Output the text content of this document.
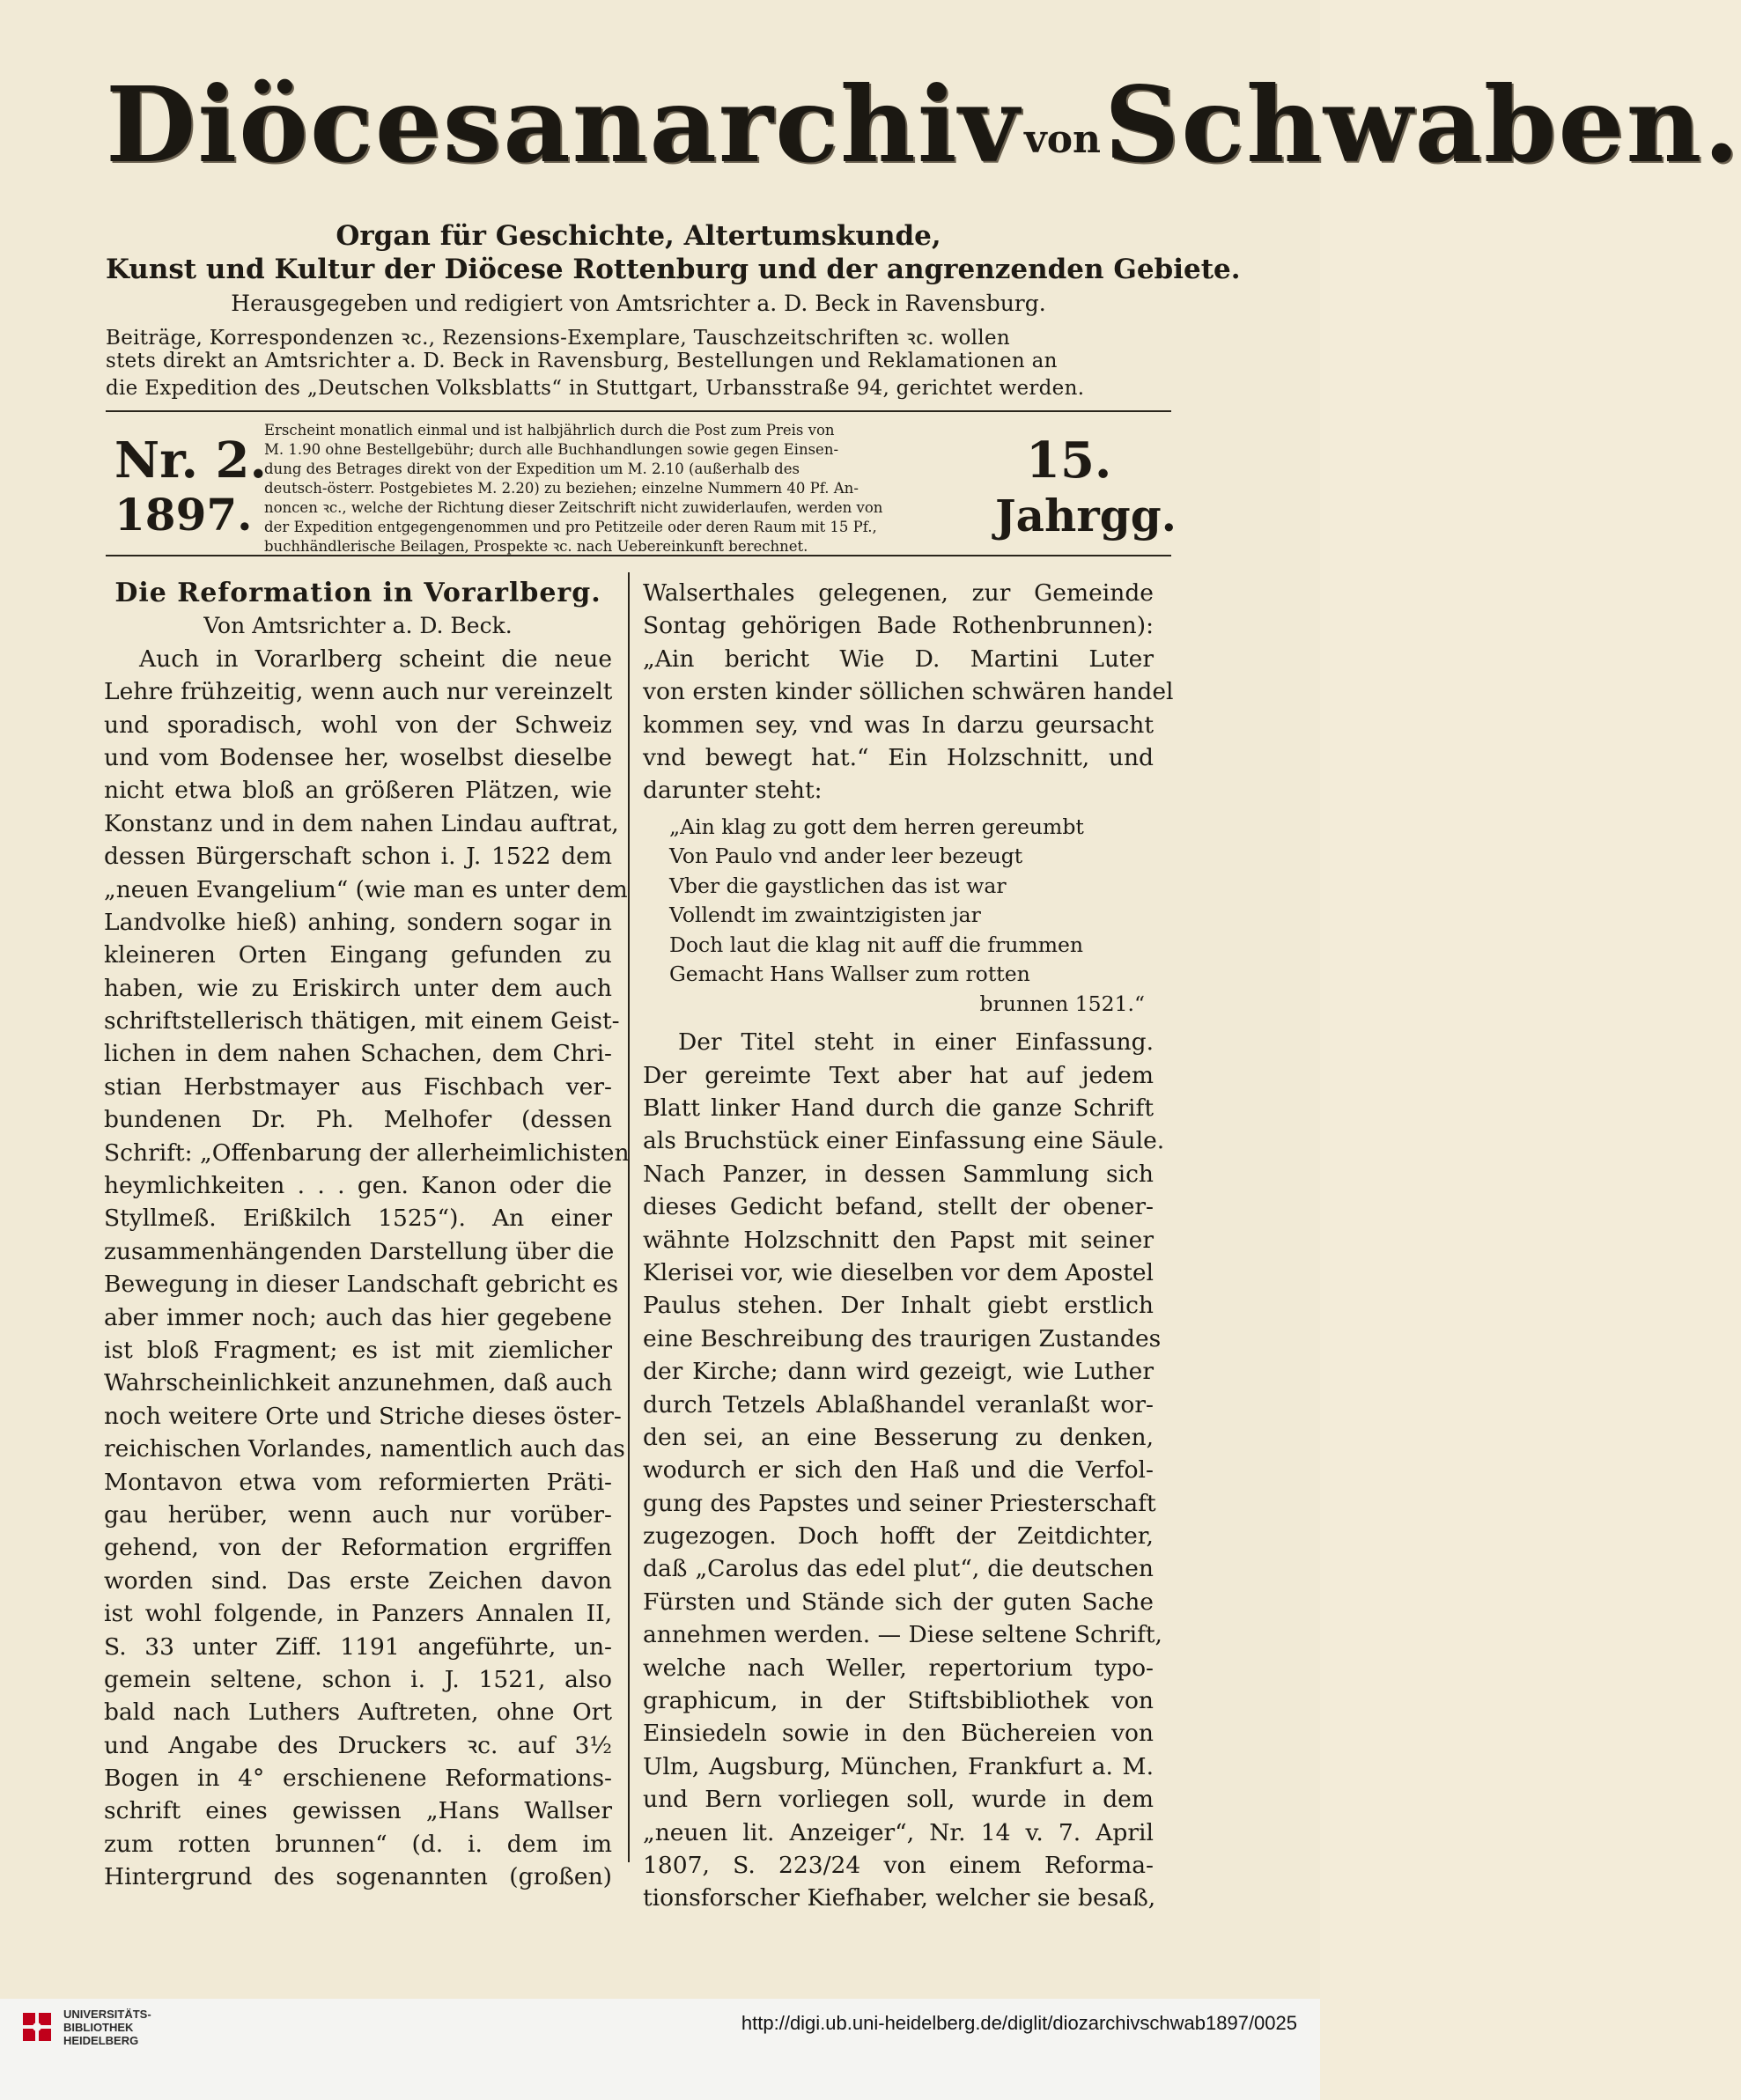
DiöcesanarchivvonSchwaben.
Organ für Geschichte, Altertumskunde,
Kunst und Kultur der Diöcese Rottenburg und der angrenzenden Gebiete.
Herausgegeben und redigiert von Amtsrichter a. D. Beck in Ravensburg.
Beiträge, Korrespondenzen ꝛc., Rezensions-Exemplare, Tauschzeitschriften ꝛc. wollen
stets direkt an Amtsrichter a. D. Beck in Ravensburg, Bestellungen und Reklamationen an
die Expedition des „Deutschen Volksblatts“ in Stuttgart, Urbansstraße 94, gerichtet werden.
Nr. 2.
1897.
15.
Jahrgg.
Erscheint monatlich einmal und ist halbjährlich durch die Post zum Preis von
M. 1.90 ohne Bestellgebühr; durch alle Buchhandlungen sowie gegen Einsen-
dung des Betrages direkt von der Expedition um M. 2.10 (außerhalb des
deutsch-österr. Postgebietes M. 2.20) zu beziehen; einzelne Nummern 40 Pf. An-
noncen ꝛc., welche der Richtung dieser Zeitschrift nicht zuwiderlaufen, werden von
der Expedition entgegengenommen und pro Petitzeile oder deren Raum mit 15 Pf.,
buchhändlerische Beilagen, Prospekte ꝛc. nach Uebereinkunft berechnet.
Die Reformation in Vorarlberg.
Von Amtsrichter a. D. Beck.
Auch in Vorarlberg scheint die neue
Lehre frühzeitig, wenn auch nur vereinzelt
und sporadisch, wohl von der Schweiz
und vom Bodensee her, woselbst dieselbe
nicht etwa bloß an größeren Plätzen, wie
Konstanz und in dem nahen Lindau auftrat,
dessen Bürgerschaft schon i. J. 1522 dem
„neuen Evangelium“ (wie man es unter dem
Landvolke hieß) anhing, sondern sogar in
kleineren Orten Eingang gefunden zu
haben, wie zu Eriskirch unter dem auch
schriftstellerisch thätigen, mit einem Geist-
lichen in dem nahen Schachen, dem Chri-
stian Herbstmayer aus Fischbach ver-
bundenen Dr. Ph. Melhofer (dessen
Schrift: „Offenbarung der allerheimlichisten
heymlichkeiten . . . gen. Kanon oder die
Styllmeß. Erißkilch 1525“). An einer
zusammenhängenden Darstellung über die
Bewegung in dieser Landschaft gebricht es
aber immer noch; auch das hier gegebene
ist bloß Fragment; es ist mit ziemlicher
Wahrscheinlichkeit anzunehmen, daß auch
noch weitere Orte und Striche dieses öster-
reichischen Vorlandes, namentlich auch das
Montavon etwa vom reformierten Präti-
gau herüber, wenn auch nur vorüber-
gehend, von der Reformation ergriffen
worden sind. Das erste Zeichen davon
ist wohl folgende, in Panzers Annalen II,
S. 33 unter Ziff. 1191 angeführte, un-
gemein seltene, schon i. J. 1521, also
bald nach Luthers Auftreten, ohne Ort
und Angabe des Druckers ꝛc. auf 3½
Bogen in 4° erschienene Reformations-
schrift eines gewissen „Hans Wallser
zum rotten brunnen“ (d. i. dem im
Hintergrund des sogenannten (großen)
Walserthales gelegenen, zur Gemeinde
Sontag gehörigen Bade Rothenbrunnen):
„Ain bericht Wie D. Martini Luter
von ersten kinder söllichen schwären handel
kommen sey, vnd was In darzu geursacht
vnd bewegt hat.“ Ein Holzschnitt, und
darunter steht:
„Ain klag zu gott dem herren gereumbt
Von Paulo vnd ander leer bezeugt
Vber die gaystlichen das ist war
Vollendt im zwaintzigisten jar
Doch laut die klag nit auff die frummen
Gemacht Hans Wallser zum rotten
brunnen 1521.“
Der Titel steht in einer Einfassung.
Der gereimte Text aber hat auf jedem
Blatt linker Hand durch die ganze Schrift
als Bruchstück einer Einfassung eine Säule.
Nach Panzer, in dessen Sammlung sich
dieses Gedicht befand, stellt der obener-
wähnte Holzschnitt den Papst mit seiner
Klerisei vor, wie dieselben vor dem Apostel
Paulus stehen. Der Inhalt giebt erstlich
eine Beschreibung des traurigen Zustandes
der Kirche; dann wird gezeigt, wie Luther
durch Tetzels Ablaßhandel veranlaßt wor-
den sei, an eine Besserung zu denken,
wodurch er sich den Haß und die Verfol-
gung des Papstes und seiner Priesterschaft
zugezogen. Doch hofft der Zeitdichter,
daß „Carolus das edel plut“, die deutschen
Fürsten und Stände sich der guten Sache
annehmen werden. — Diese seltene Schrift,
welche nach Weller, repertorium typo-
graphicum, in der Stiftsbibliothek von
Einsiedeln sowie in den Büchereien von
Ulm, Augsburg, München, Frankfurt a. M.
und Bern vorliegen soll, wurde in dem
„neuen lit. Anzeiger“, Nr. 14 v. 7. April
1807, S. 223/24 von einem Reforma-
tionsforscher Kiefhaber, welcher sie besaß,
UNIVERSITÄTS-
BIBLIOTHEK
HEIDELBERG
http://digi.ub.uni-heidelberg.de/diglit/diozarchivschwab1897/0025
